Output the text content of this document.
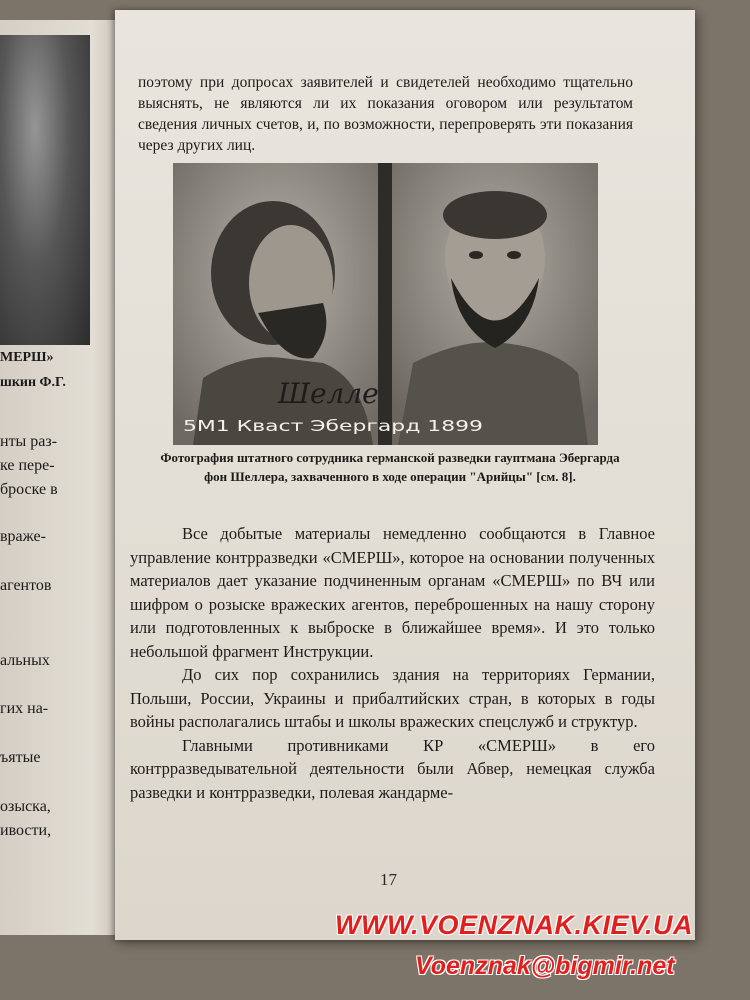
МЕРШ»
шкин Ф.Г.
нты раз-
ке пере-
броске в
враже-
агентов
альных
гих на-
ъятые
озыска,
ивости,
поэтому при допросах заявителей и свидетелей необходимо тщательно выяснять, не являются ли их показания оговором или результатом сведения личных счетов, и, по возможности, перепроверять эти показания через других лиц.
Шелле
5М1 Кваст Эбергард 1899
Фотография штатного сотрудника германской разведки гауптмана Эбергарда фон Шеллера, захваченного в ходе операции "Арийцы" [см. 8].

Все добытые материалы немедленно сообщаются в Главное управление контрразведки «СМЕРШ», которое на основании полученных материалов дает указание подчиненным органам «СМЕРШ» по ВЧ или шифром о розыске вражеских агентов, переброшенных на нашу сторону или подготовленных к выброске в ближайшее время». И это только небольшой фрагмент Инструкции.

До сих пор сохранились здания на территориях Германии, Польши, России, Украины и прибалтийских стран, в которых в годы войны располагались штабы и школы вражеских спецслужб и структур.

Главными противниками КР «СМЕРШ» в его контрразведывательной деятельности были Абвер, немецкая служба разведки и контрразведки, полевая жандарме-

17
WWW.VOENZNAK.KIEV.UA
Voenznak@bigmir.net
